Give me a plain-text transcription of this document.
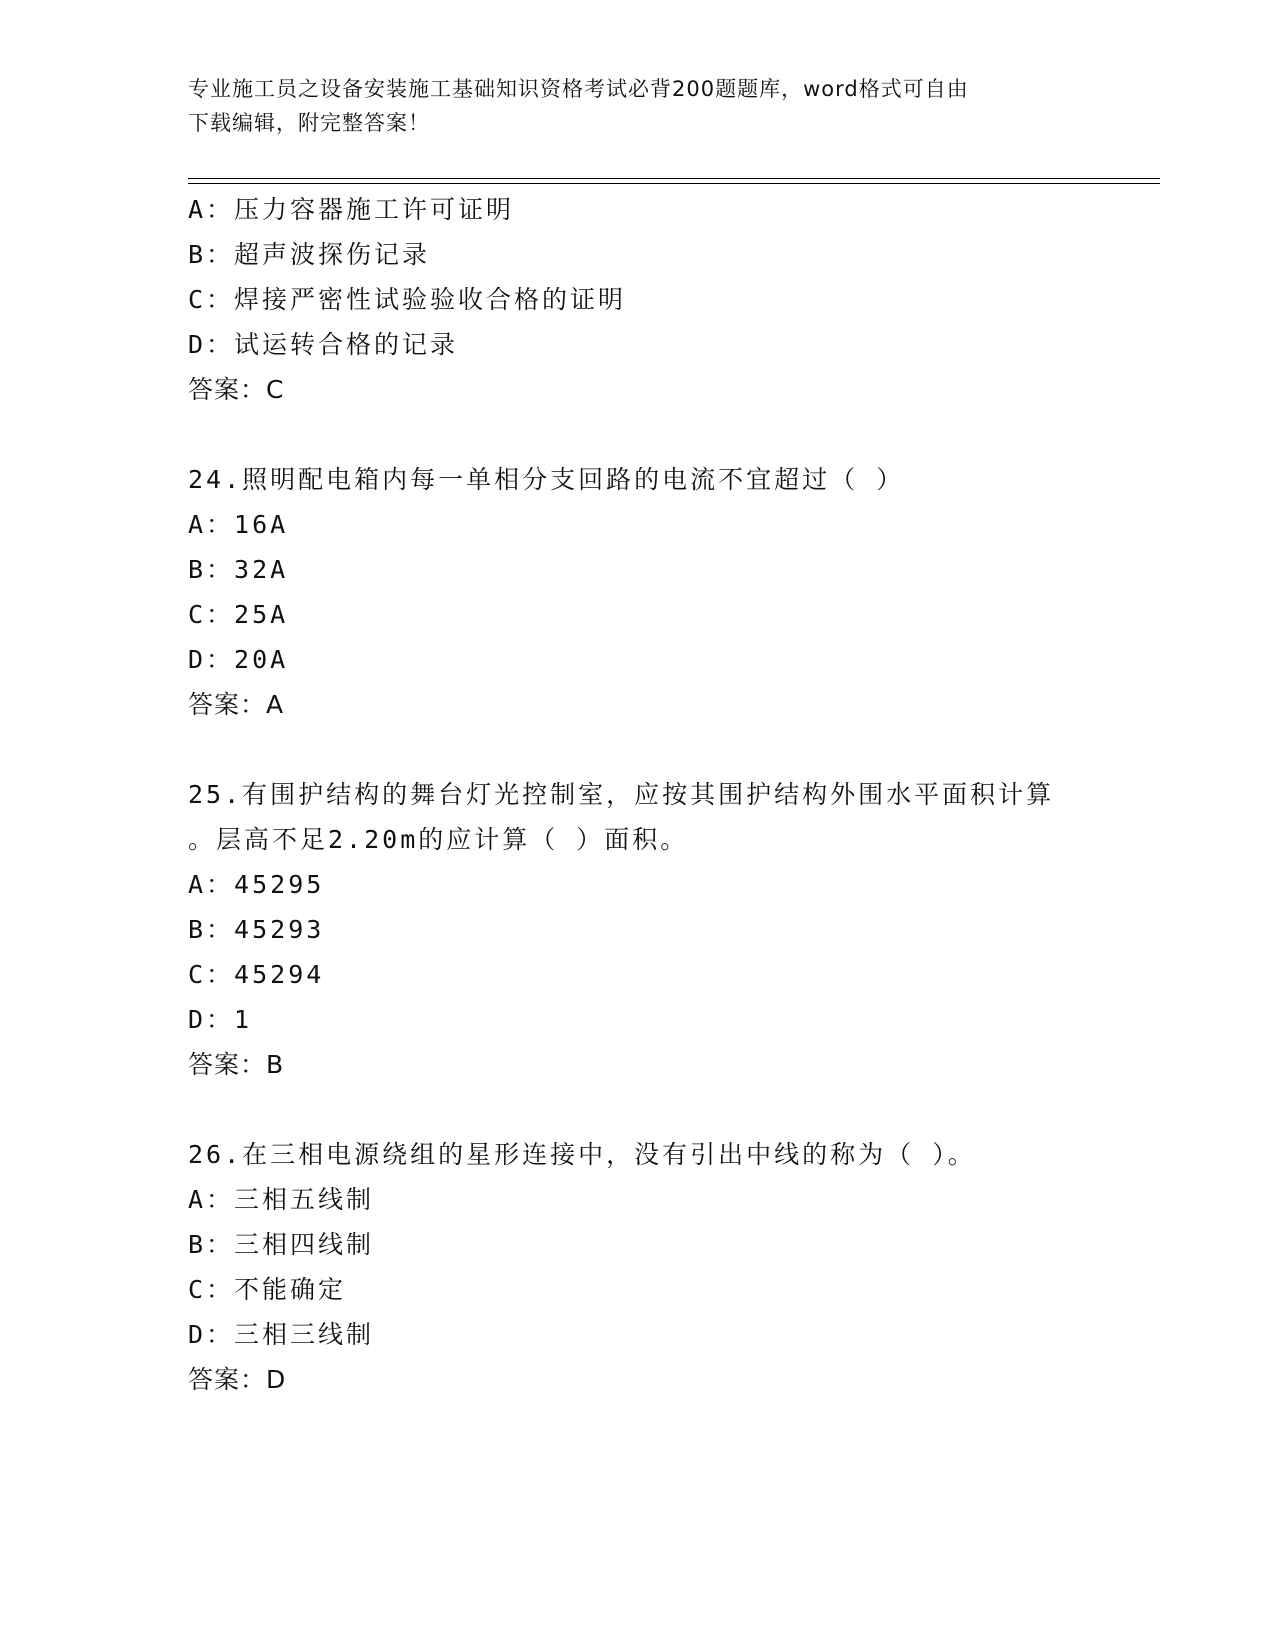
专业施工员之设备安装施工基础知识资格考试必背200题题库，word格式可自由
下载编辑，附完整答案！
A：压力容器施工许可证明
B：超声波探伤记录
C：焊接严密性试验验收合格的证明
D：试运转合格的记录
答案：C
24.照明配电箱内每一单相分支回路的电流不宜超过（ ）
A：16A
B：32A
C：25A
D：20A
答案：A
25.有围护结构的舞台灯光控制室，应按其围护结构外围水平面积计算
。层高不足2.20m的应计算（ ）面积。
A：45295
B：45293
C：45294
D：1
答案：B
26.在三相电源绕组的星形连接中，没有引出中线的称为（ ）。
A：三相五线制
B：三相四线制
C：不能确定
D：三相三线制
答案：D
